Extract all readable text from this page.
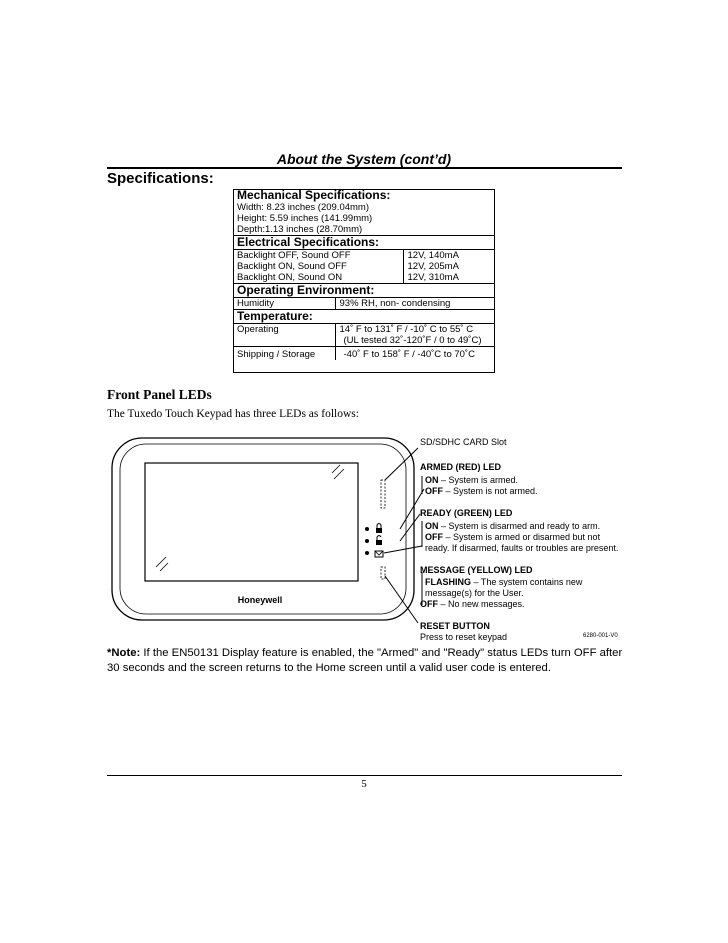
About the System (cont’d)
Specifications:
Mechanical Specifications:		
Width: 8.23 inches (209.04mm)		
Height: 5.59 inches (141.99mm)		
Depth:1.13 inches (28.70mm)		
Electrical Specifications:		
Backlight OFF, Sound OFF		12V, 140mA
Backlight ON, Sound OFF		12V, 205mA
Backlight ON, Sound ON		12V, 310mA
Operating Environment:		
Humidity	93% RH, non- condensing	
Temperature:		
Operating	14˚ F to 131˚ F / -10˚ C to 55˚ C
(UL tested 32˚-120˚F / 0 to 49˚C)	

Shipping / Storage	-40˚ F to 158˚ F / -40˚C to 70˚C	
Front Panel LEDs
The Tuxedo Touch Keypad has three LEDs as follows:
Honeywell
SD/SDHC CARD Slot
ARMED (RED) LED
ON – System is armed.
OFF – System is not armed.
READY (GREEN) LED
ON – System is disarmed and ready to arm.
OFF – System is armed or disarmed but not
ready. If disarmed, faults or troubles are present.
MESSAGE (YELLOW) LED
FLASHING – The system contains new
message(s) for the User.
OFF – No new messages.
RESET BUTTON
Press to reset keypad	6280-001-V0
*Note: If the EN50131 Display feature is enabled, the "Armed" and "Ready" status LEDs turn OFF after 30 seconds and the screen returns to the Home screen until a valid user code is entered.
5
